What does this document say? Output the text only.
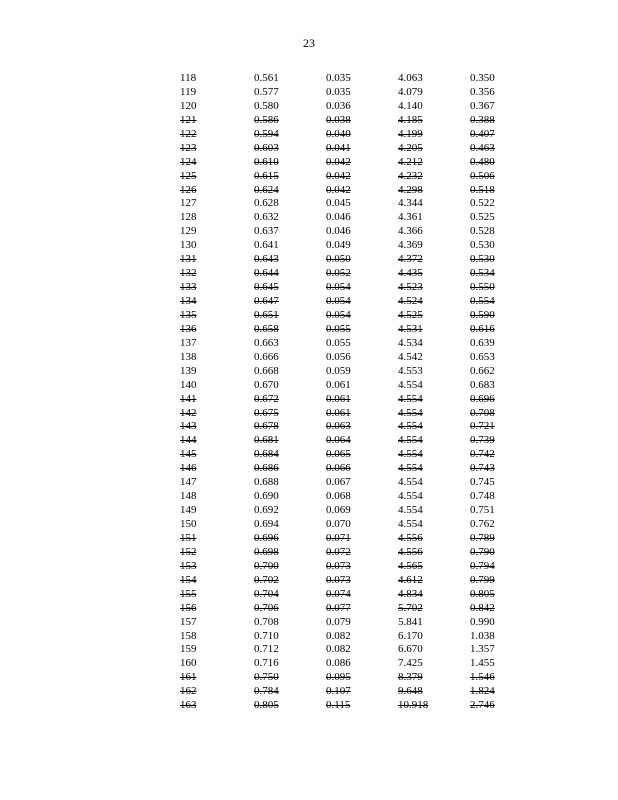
23
118	0.561	0.035	4.063	0.350
119	0.577	0.035	4.079	0.356
120	0.580	0.036	4.140	0.367
121	0.586	0.038	4.185	0.388
122	0.594	0.040	4.199	0.407
123	0.603	0.041	4.205	0.463
124	0.610	0.042	4.212	0.480
125	0.615	0.042	4.232	0.506
126	0.624	0.042	4.298	0.518
127	0.628	0.045	4.344	0.522
128	0.632	0.046	4.361	0.525
129	0.637	0.046	4.366	0.528
130	0.641	0.049	4.369	0.530
131	0.643	0.050	4.372	0.530
132	0.644	0.052	4.435	0.534
133	0.645	0.054	4.523	0.550
134	0.647	0.054	4.524	0.554
135	0.651	0.054	4.525	0.590
136	0.658	0.055	4.531	0.616
137	0.663	0.055	4.534	0.639
138	0.666	0.056	4.542	0.653
139	0.668	0.059	4.553	0.662
140	0.670	0.061	4.554	0.683
141	0.672	0.061	4.554	0.696
142	0.675	0.061	4.554	0.708
143	0.678	0.063	4.554	0.721
144	0.681	0.064	4.554	0.739
145	0.684	0.065	4.554	0.742
146	0.686	0.066	4.554	0.743
147	0.688	0.067	4.554	0.745
148	0.690	0.068	4.554	0.748
149	0.692	0.069	4.554	0.751
150	0.694	0.070	4.554	0.762
151	0.696	0.071	4.556	0.789
152	0.698	0.072	4.556	0.790
153	0.700	0.073	4.565	0.794
154	0.702	0.073	4.612	0.799
155	0.704	0.074	4.834	0.805
156	0.706	0.077	5.702	0.842
157	0.708	0.079	5.841	0.990
158	0.710	0.082	6.170	1.038
159	0.712	0.082	6.670	1.357
160	0.716	0.086	7.425	1.455
161	0.750	0.095	8.379	1.546
162	0.784	0.107	9.648	1.824
163	0.805	0.115	10.918	2.746
